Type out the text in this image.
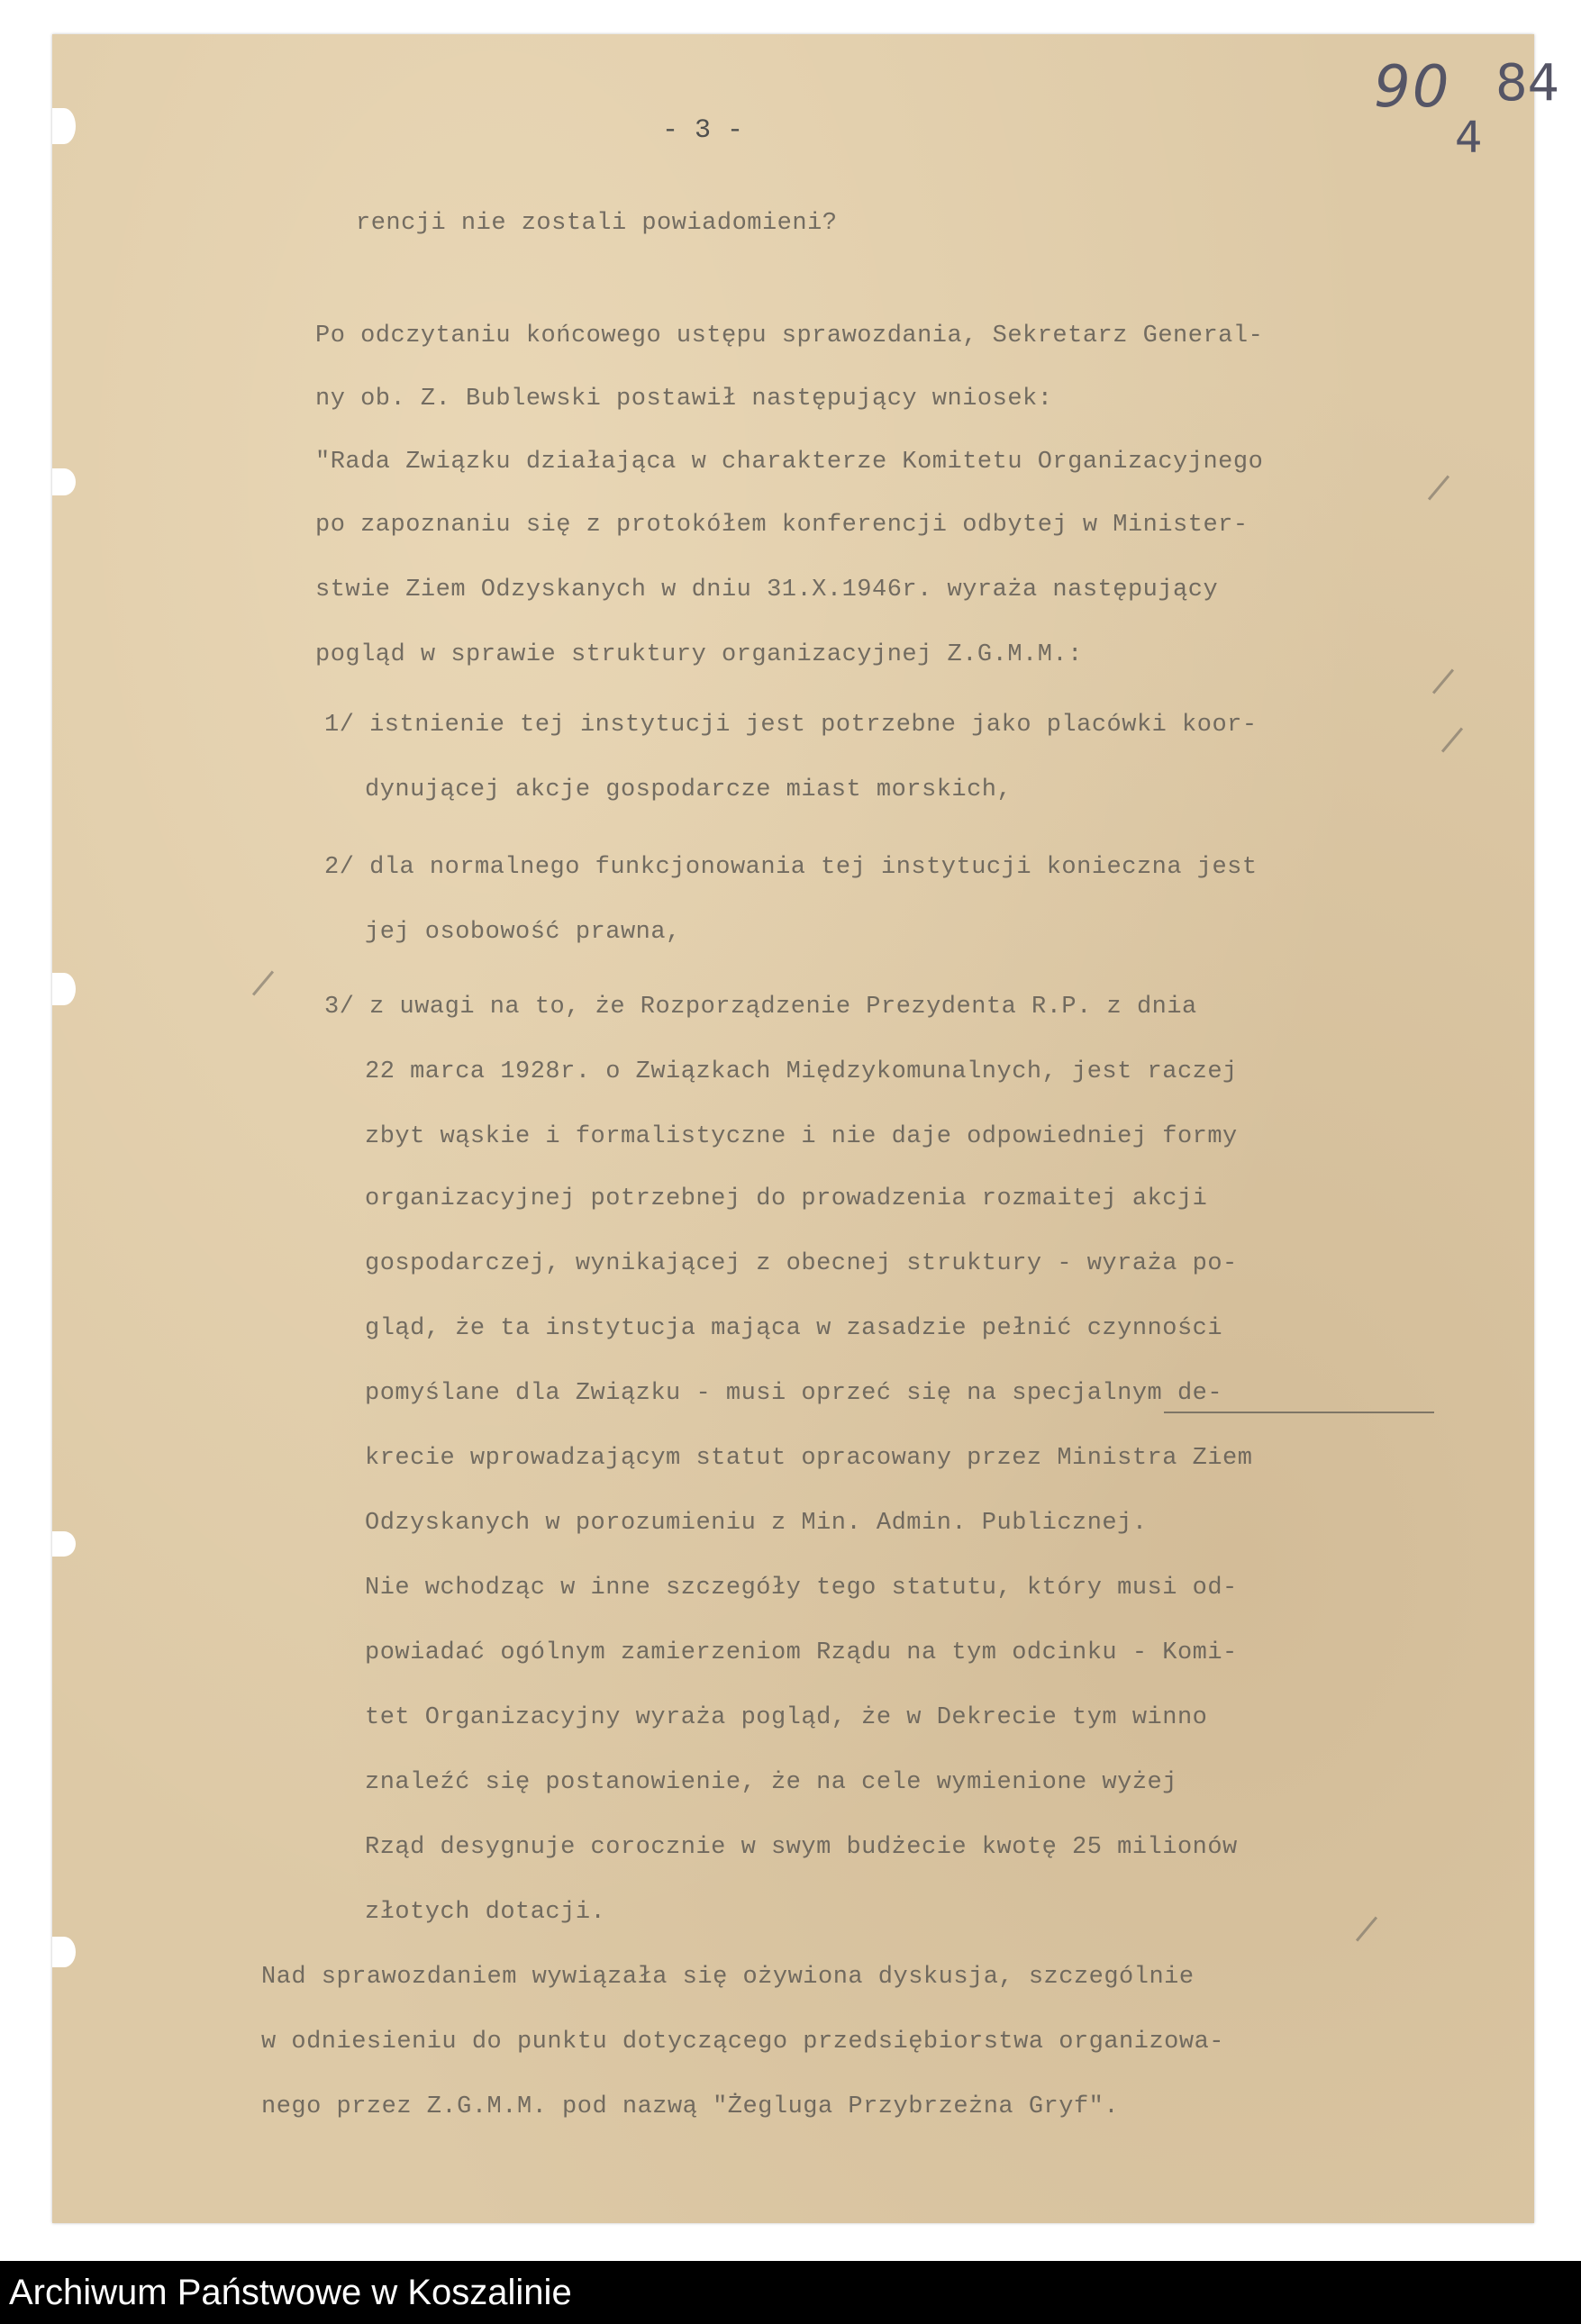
90 84
4
- 3 -

rencji nie zostali powiadomieni?

Po odczytaniu końcowego ustępu sprawozdania, Sekretarz General-

ny ob. Z. Bublewski postawił następujący wniosek:

"Rada Związku działająca w charakterze Komitetu Organizacyjnego

po zapoznaniu się z protokółem konferencji odbytej w Minister-

stwie Ziem Odzyskanych w dniu 31.X.1946r. wyraża następujący

pogląd w sprawie struktury organizacyjnej Z.G.M.M.:

1/ istnienie tej instytucji jest potrzebne jako placówki koor-

dynującej akcje gospodarcze miast morskich,

2/ dla normalnego funkcjonowania tej instytucji konieczna jest

jej osobowość prawna,

3/ z uwagi na to, że Rozporządzenie Prezydenta R.P. z dnia

22 marca 1928r. o Związkach Międzykomunalnych, jest raczej

zbyt wąskie i formalistyczne i nie daje odpowiedniej formy

organizacyjnej potrzebnej do prowadzenia rozmaitej akcji

gospodarczej, wynikającej z obecnej struktury - wyraża po-

gląd, że ta instytucja mająca w zasadzie pełnić czynności

pomyślane dla Związku - musi oprzeć się na specjalnym de-

krecie wprowadzającym statut opracowany przez Ministra Ziem

Odzyskanych w porozumieniu z Min. Admin. Publicznej.

Nie wchodząc w inne szczegóły tego statutu, który musi od-

powiadać ogólnym zamierzeniom Rządu na tym odcinku - Komi-

tet Organizacyjny wyraża pogląd, że w Dekrecie tym winno

znaleźć się postanowienie, że na cele wymienione wyżej

Rząd desygnuje corocznie w swym budżecie kwotę 25 milionów

złotych dotacji.

Nad sprawozdaniem wywiązała się ożywiona dyskusja, szczególnie

w odniesieniu do punktu dotyczącego przedsiębiorstwa organizowa-

nego przez Z.G.M.M. pod nazwą "Żegluga Przybrzeżna Gryf".

Archiwum Państwowe w Koszalinie
